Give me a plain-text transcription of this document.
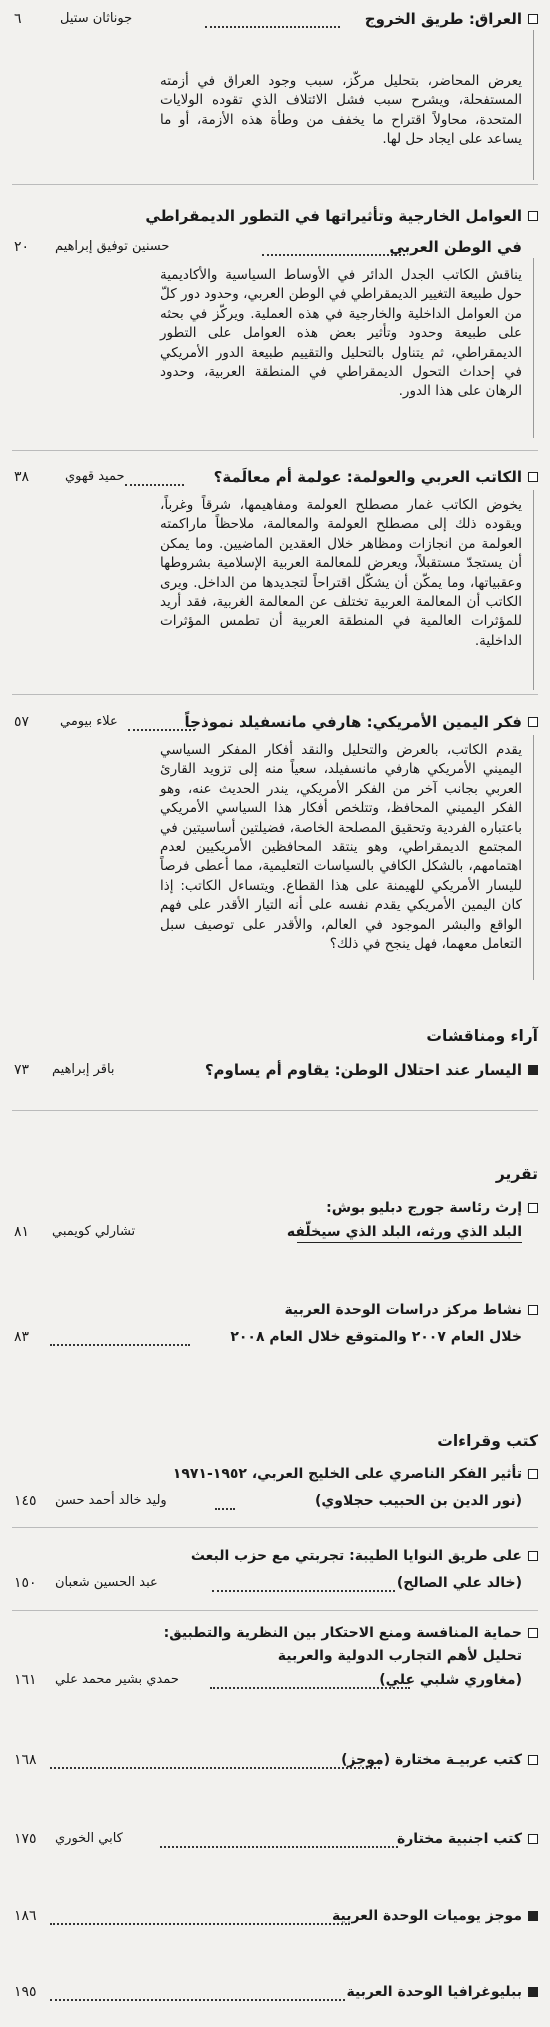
العراق: طريق الخروج
جوناثان ستيل
٦
يعرض المحاضر، بتحليل مركّز، سبب وجود العراق في أزمته المستفحلة، ويشرح سبب فشل الائتلاف الذي تقوده الولايات المتحدة، محاولاً اقتراح ما يخفف من وطأة هذه الأزمة، أو ما يساعد على ايجاد حل لها.
العوامل الخارجية وتأثيراتها في التطور الديمقراطي
في الوطن العربي
حسنين توفيق إبراهيم
٢٠
يناقش الكاتب الجدل الدائر في الأوساط السياسية والأكاديمية حول طبيعة التغيير الديمقراطي في الوطن العربي، وحدود دور كلّ من العوامل الداخلية والخارجية في هذه العملية. ويركّز في بحثه على طبيعة وحدود وتأثير بعض هذه العوامل على التطور الديمقراطي، ثم يتناول بالتحليل والتقييم طبيعة الدور الأمريكي في إحداث التحول الديمقراطي في المنطقة العربية، وحدود الرهان على هذا الدور.
الكاتب العربي والعولمة: عولمة أم معالَمة؟
حميد قهوي
٣٨
يخوض الكاتب غمار مصطلح العولمة ومفاهيمها، شرقاً وغرباً، ويقوده ذلك إلى مصطلح العولمة والمعالمة، ملاحظاً ماراكمته العولمة من انجازات ومظاهر خلال العقدين الماضيين. وما يمكن أن يستجدّ مستقبلاً، ويعرض للمعالمة العربية الإسلامية بشروطها وعقبياتها، وما يمكّن أن يشكّل اقتراحاً لتجديدها من الداخل. ويرى الكاتب أن المعالمة العربية تختلف عن المعالمة الغربية، فقد أريد للمؤثرات العالمية في المنطقة العربية أن تطمس المؤثرات الداخلية.
فكر اليمين الأمريكي: هارفي مانسفيلد نموذجاً
علاء بيومي
٥٧
يقدم الكاتب، بالعرض والتحليل والنقد أفكار المفكر السياسي اليميني الأمريكي هارفي مانسفيلد، سعياً منه إلى تزويد القارئ العربي بجانب آخر من الفكر الأمريكي، يندر الحديث عنه، وهو الفكر اليميني المحافظ، وتتلخص أفكار هذا السياسي الأمريكي باعتباره الفردية وتحقيق المصلحة الخاصة، فضيلتين أساسيتين في المجتمع الديمقراطي، وهو ينتقد المحافظين الأمريكيين لعدم اهتمامهم، بالشكل الكافي بالسياسات التعليمية، مما أعطى فرصاً لليسار الأمريكي للهيمنة على هذا القطاع. ويتساءل الكاتب: إذا كان اليمين الأمريكي يقدم نفسه على أنه التيار الأقدر على فهم الواقع والبشر الموجود في العالم، والأقدر على توصيف سبل التعامل معهما، فهل ينجح في ذلك؟
آراء ومناقشات
اليسار عند احتلال الوطن: يقاوم أم يساوم؟
باقر إبراهيم
٧٣
تقرير
إرث رئاسة جورج دبليو بوش:
البلد الذي ورثه، البلد الذي سيخلّفه
تشارلي كويمبي
٨١
نشاط مركز دراسات الوحدة العربية
خلال العام ٢٠٠٧ والمتوقع خلال العام ٢٠٠٨
٨٣
كتب وقراءات
تأثير الفكر الناصري على الخليج العربي، ١٩٥٢-١٩٧١
(نور الدين بن الحبيب حجلاوي)
وليد خالد أحمد حسن
١٤٥
على طريق النوايا الطيبة: تجربتي مع حزب البعث
(خالد علي الصالح)
عبد الحسين شعبان
١٥٠
حماية المنافسة ومنع الاحتكار بين النظرية والتطبيق:
تحليل لأهم التجارب الدولية والعربية
(مغاوري شلبي علي)
حمدي بشير محمد علي
١٦١
كتب عربيـة مختارة (موجز)
١٦٨
كتب اجنبية مختارة
كابي الخوري
١٧٥
موجز يوميات الوحدة العربية
١٨٦
ببليوغرافيا الوحدة العربية
١٩٥
